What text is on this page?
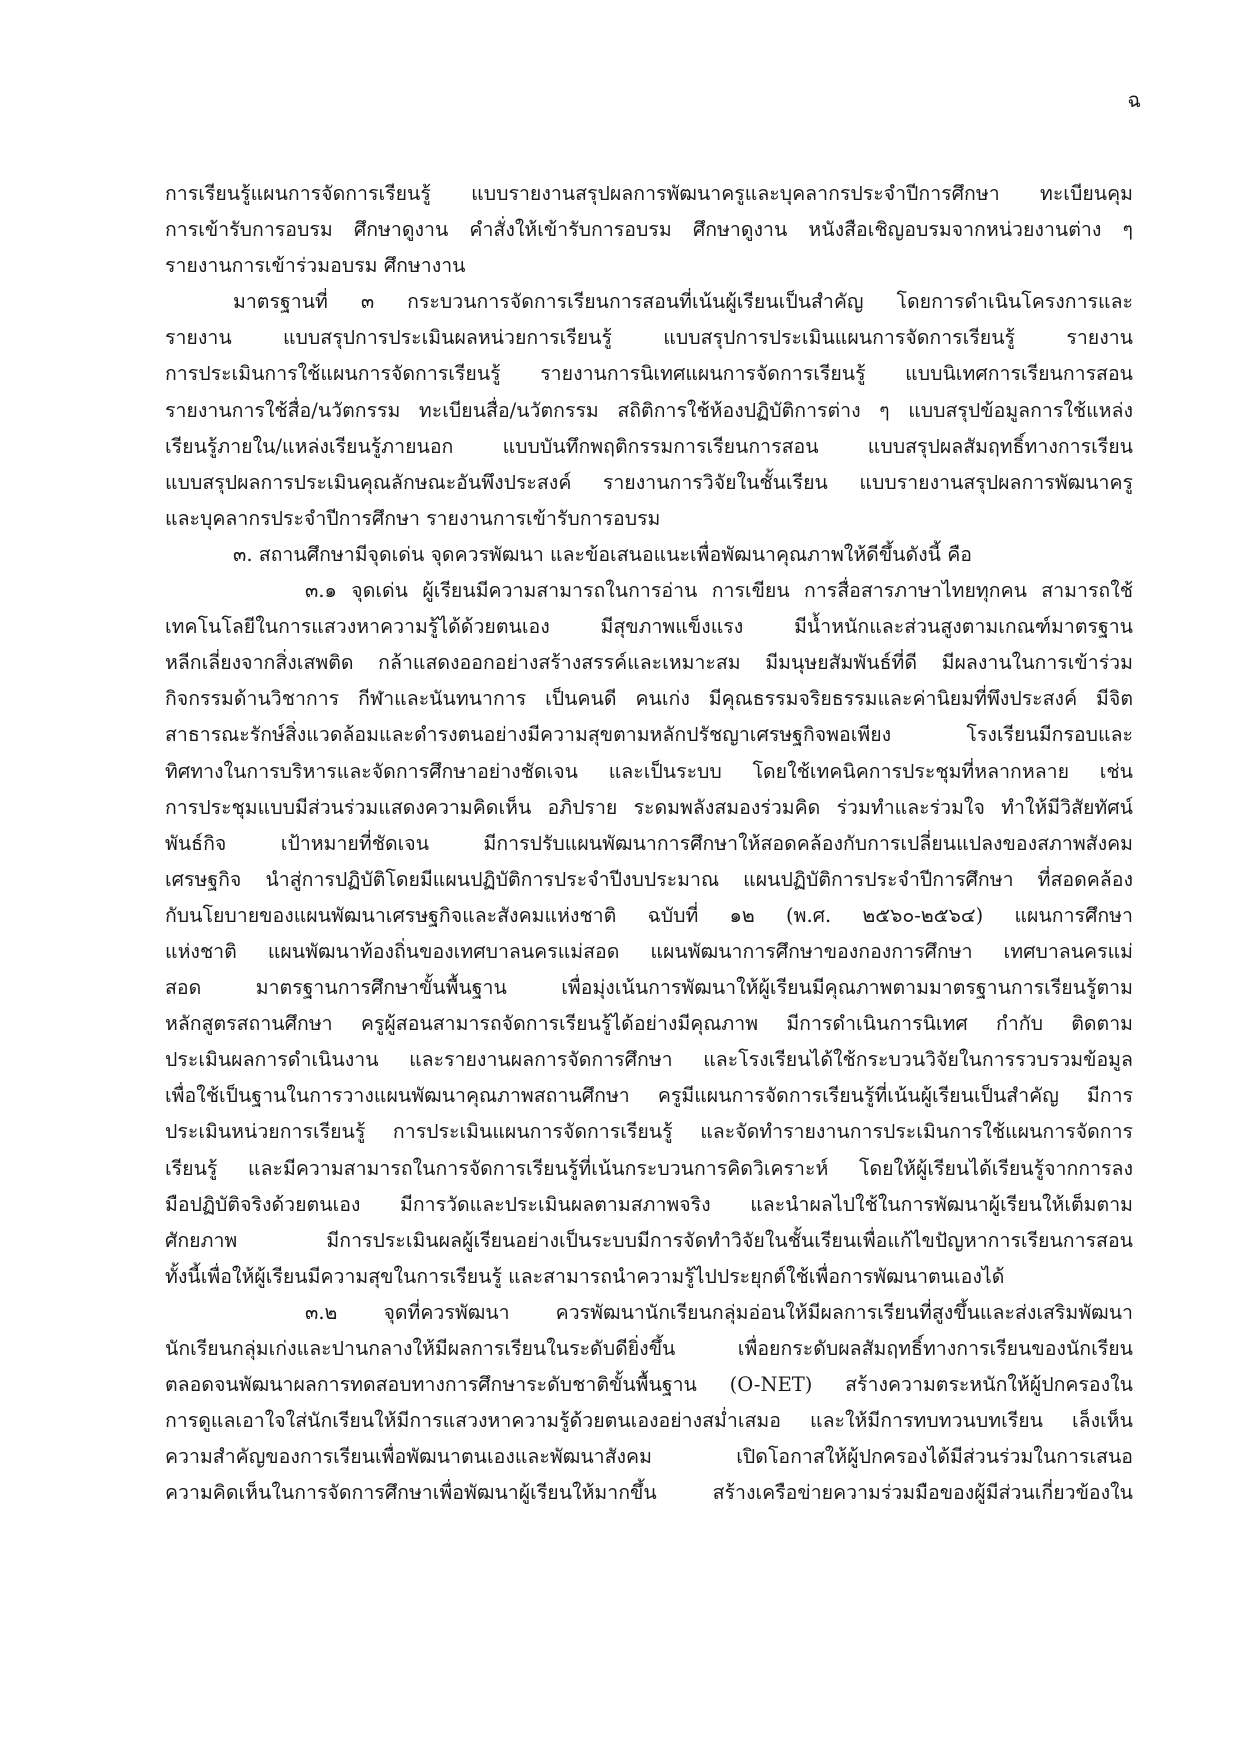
ฉ
การเรียนรู้แผนการจัดการเรียนรู้ แบบรายงานสรุปผลการพัฒนาครูและบุคลากรประจำปีการศึกษา ทะเบียนคุม
การเข้ารับการอบรม ศึกษาดูงาน คำสั่งให้เข้ารับการอบรม ศึกษาดูงาน หนังสือเชิญอบรมจากหน่วยงานต่าง ๆ
รายงานการเข้าร่วมอบรม ศึกษางาน
มาตรฐานที่ ๓ กระบวนการจัดการเรียนการสอนที่เน้นผู้เรียนเป็นสำคัญ โดยการดำเนินโครงการและ
รายงาน แบบสรุปการประเมินผลหน่วยการเรียนรู้ แบบสรุปการประเมินแผนการจัดการเรียนรู้ รายงาน
การประเมินการใช้แผนการจัดการเรียนรู้ รายงานการนิเทศแผนการจัดการเรียนรู้ แบบนิเทศการเรียนการสอน
รายงานการใช้สื่อ/นวัตกรรม ทะเบียนสื่อ/นวัตกรรม สถิติการใช้ห้องปฏิบัติการต่าง ๆ แบบสรุปข้อมูลการใช้แหล่ง
เรียนรู้ภายใน/แหล่งเรียนรู้ภายนอก แบบบันทึกพฤติกรรมการเรียนการสอน แบบสรุปผลสัมฤทธิ์ทางการเรียน
แบบสรุปผลการประเมินคุณลักษณะอันพึงประสงค์ รายงานการวิจัยในชั้นเรียน แบบรายงานสรุปผลการพัฒนาครู
และบุคลากรประจำปีการศึกษา รายงานการเข้ารับการอบรม
๓. สถานศึกษามีจุดเด่น จุดควรพัฒนา และข้อเสนอแนะเพื่อพัฒนาคุณภาพให้ดีขึ้นดังนี้ คือ
๓.๑ จุดเด่น ผู้เรียนมีความสามารถในการอ่าน การเขียน การสื่อสารภาษาไทยทุกคน สามารถใช้
เทคโนโลยีในการแสวงหาความรู้ได้ด้วยตนเอง มีสุขภาพแข็งแรง มีน้ำหนักและส่วนสูงตามเกณฑ์มาตรฐาน
หลีกเลี่ยงจากสิ่งเสพติด กล้าแสดงออกอย่างสร้างสรรค์และเหมาะสม มีมนุษยสัมพันธ์ที่ดี มีผลงานในการเข้าร่วม
กิจกรรมด้านวิชาการ กีฬาและนันทนาการ เป็นคนดี คนเก่ง มีคุณธรรมจริยธรรมและค่านิยมที่พึงประสงค์ มีจิต
สาธารณะรักษ์สิ่งแวดล้อมและดำรงตนอย่างมีความสุขตามหลักปรัชญาเศรษฐกิจพอเพียง โรงเรียนมีกรอบและ
ทิศทางในการบริหารและจัดการศึกษาอย่างชัดเจน และเป็นระบบ โดยใช้เทคนิคการประชุมที่หลากหลาย เช่น
การประชุมแบบมีส่วนร่วมแสดงความคิดเห็น อภิปราย ระดมพลังสมองร่วมคิด ร่วมทำและร่วมใจ ทำให้มีวิสัยทัศน์
พันธ์กิจ เป้าหมายที่ชัดเจน มีการปรับแผนพัฒนาการศึกษาให้สอดคล้องกับการเปลี่ยนแปลงของสภาพสังคม
เศรษฐกิจ นำสู่การปฏิบัติโดยมีแผนปฏิบัติการประจำปีงบประมาณ แผนปฏิบัติการประจำปีการศึกษา ที่สอดคล้อง
กับนโยบายของแผนพัฒนาเศรษฐกิจและสังคมแห่งชาติ ฉบับที่ ๑๒ (พ.ศ. ๒๕๖๐-๒๕๖๔) แผนการศึกษา
แห่งชาติ แผนพัฒนาท้องถิ่นของเทศบาลนครแม่สอด แผนพัฒนาการศึกษาของกองการศึกษา เทศบาลนครแม่
สอด มาตรฐานการศึกษาขั้นพื้นฐาน เพื่อมุ่งเน้นการพัฒนาให้ผู้เรียนมีคุณภาพตามมาตรฐานการเรียนรู้ตาม
หลักสูตรสถานศึกษา ครูผู้สอนสามารถจัดการเรียนรู้ได้อย่างมีคุณภาพ มีการดำเนินการนิเทศ กำกับ ติดตาม
ประเมินผลการดำเนินงาน และรายงานผลการจัดการศึกษา และโรงเรียนได้ใช้กระบวนวิจัยในการรวบรวมข้อมูล
เพื่อใช้เป็นฐานในการวางแผนพัฒนาคุณภาพสถานศึกษา ครูมีแผนการจัดการเรียนรู้ที่เน้นผู้เรียนเป็นสำคัญ มีการ
ประเมินหน่วยการเรียนรู้ การประเมินแผนการจัดการเรียนรู้ และจัดทำรายงานการประเมินการใช้แผนการจัดการ
เรียนรู้ และมีความสามารถในการจัดการเรียนรู้ที่เน้นกระบวนการคิดวิเคราะห์ โดยให้ผู้เรียนได้เรียนรู้จากการลง
มือปฏิบัติจริงด้วยตนเอง มีการวัดและประเมินผลตามสภาพจริง และนำผลไปใช้ในการพัฒนาผู้เรียนให้เต็มตาม
ศักยภาพ มีการประเมินผลผู้เรียนอย่างเป็นระบบมีการจัดทำวิจัยในชั้นเรียนเพื่อแก้ไขปัญหาการเรียนการสอน
ทั้งนี้เพื่อให้ผู้เรียนมีความสุขในการเรียนรู้ และสามารถนำความรู้ไปประยุกต์ใช้เพื่อการพัฒนาตนเองได้
๓.๒ จุดที่ควรพัฒนา ควรพัฒนานักเรียนกลุ่มอ่อนให้มีผลการเรียนที่สูงขึ้นและส่งเสริมพัฒนา
นักเรียนกลุ่มเก่งและปานกลางให้มีผลการเรียนในระดับดียิ่งขึ้น เพื่อยกระดับผลสัมฤทธิ์ทางการเรียนของนักเรียน
ตลอดจนพัฒนาผลการทดสอบทางการศึกษาระดับชาติขั้นพื้นฐาน (O-NET) สร้างความตระหนักให้ผู้ปกครองใน
การดูแลเอาใจใส่นักเรียนให้มีการแสวงหาความรู้ด้วยตนเองอย่างสม่ำเสมอ และให้มีการทบทวนบทเรียน เล็งเห็น
ความสำคัญของการเรียนเพื่อพัฒนาตนเองและพัฒนาสังคม เปิดโอกาสให้ผู้ปกครองได้มีส่วนร่วมในการเสนอ
ความคิดเห็นในการจัดการศึกษาเพื่อพัฒนาผู้เรียนให้มากขึ้น สร้างเครือข่ายความร่วมมือของผู้มีส่วนเกี่ยวข้องใน
